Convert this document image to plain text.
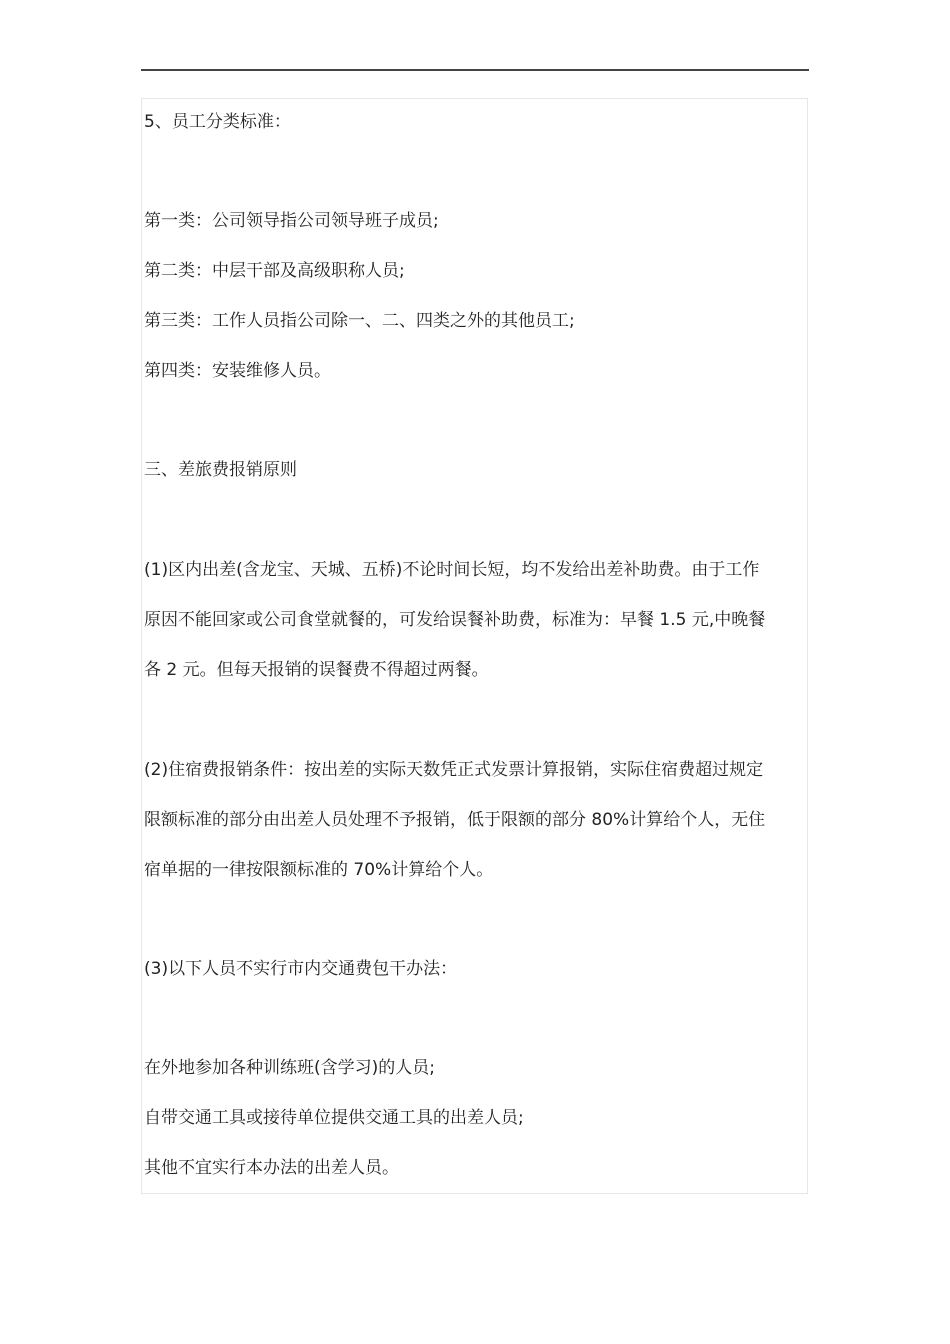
5、员工分类标准：
第一类：公司领导指公司领导班子成员;
第二类：中层干部及高级职称人员;
第三类：工作人员指公司除一、二、四类之外的其他员工;
第四类：安装维修人员。
三、差旅费报销原则
(1)区内出差(含龙宝、天城、五桥)不论时间长短，均不发给出差补助费。由于工作
原因不能回家或公司食堂就餐的，可发给误餐补助费，标准为：早餐 1.5 元,中晚餐
各 2 元。但每天报销的误餐费不得超过两餐。
(2)住宿费报销条件：按出差的实际天数凭正式发票计算报销，实际住宿费超过规定
限额标准的部分由出差人员处理不予报销，低于限额的部分 80%计算给个人，无住
宿单据的一律按限额标准的 70%计算给个人。
(3)以下人员不实行市内交通费包干办法：
在外地参加各种训练班(含学习)的人员;
自带交通工具或接待单位提供交通工具的出差人员;
其他不宜实行本办法的出差人员。
